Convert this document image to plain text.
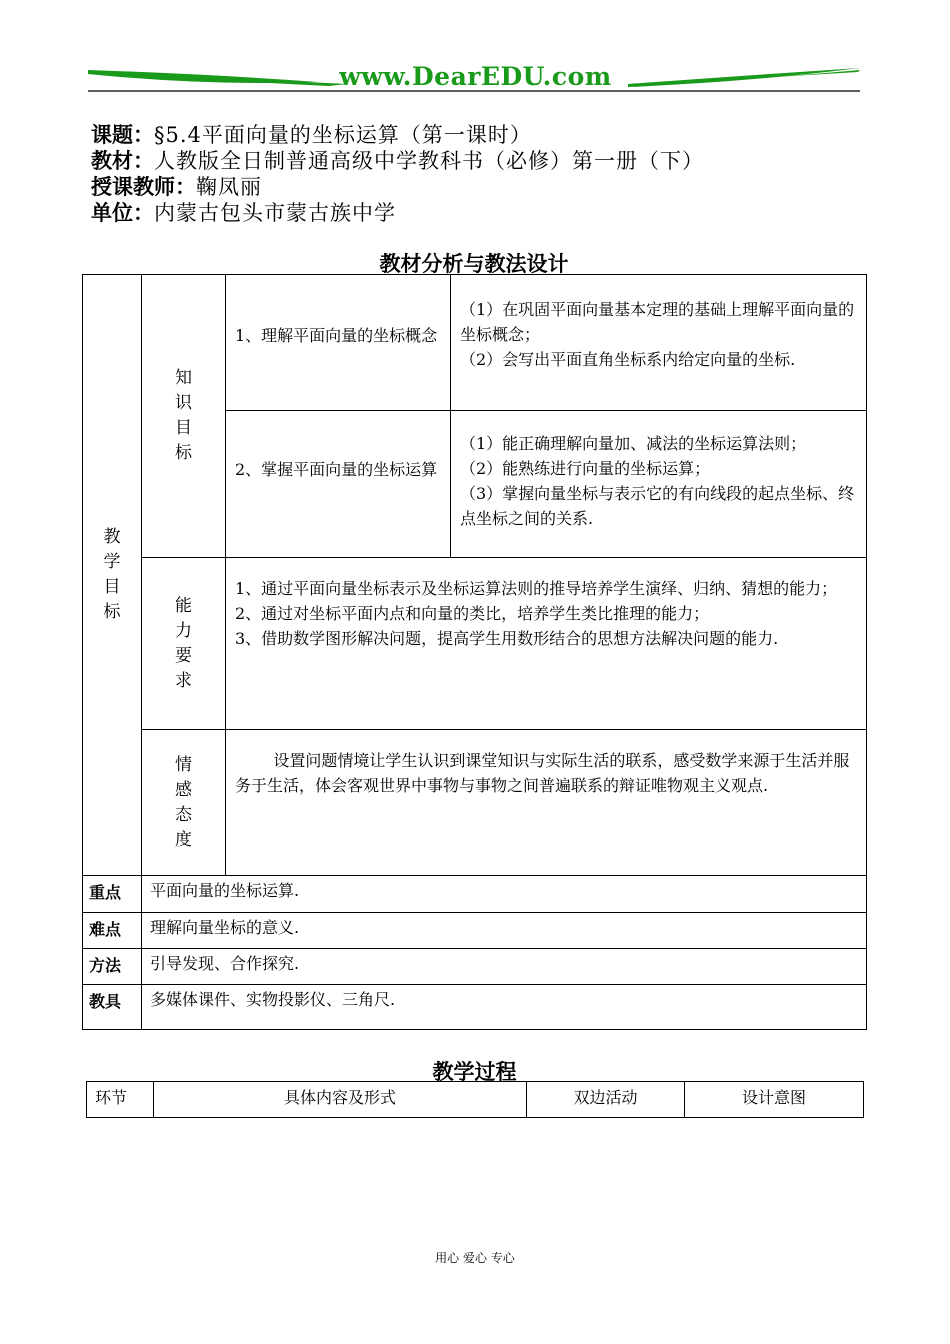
www.DearEDU.com
课题：§5.4平面向量的坐标运算（第一课时）
教材：人教版全日制普通高级中学教科书（必修）第一册（下）
授课教师：鞠凤丽
单位：内蒙古包头市蒙古族中学
教材分析与教法设计
教学目标	知识目标	1、理解平面向量的坐标概念	（1）在巩固平面向量基本定理的基础上理解平面向量的坐标概念；
（2）会写出平面直角坐标系内给定向量的坐标.

		2、掌握平面向量的坐标运算	（1）能正确理解向量加、减法的坐标运算法则；
（2）能熟练进行向量的坐标运算；
（3）掌握向量坐标与表示它的有向线段的起点坐标、终点坐标之间的关系.

	能力要求	1、通过平面向量坐标表示及坐标运算法则的推导培养学生演绎、归纳、猜想的能力；
2、通过对坐标平面内点和向量的类比，培养学生类比推理的能力；
3、借助数学图形解决问题，提高学生用数形结合的思想方法解决问题的能力.	

	情感态度	设置问题情境让学生认识到课堂知识与实际生活的联系，感受数学来源于生活并服务于生活，体会客观世界中事物与事物之间普遍联系的辩证唯物观主义观点.	
重点	平面向量的坐标运算.		
难点	理解向量坐标的意义.		
方法	引导发现、合作探究.		
教具	多媒体课件、实物投影仪、三角尺.		
教学过程
环节	具体内容及形式	双边活动	设计意图
用心 爱心 专心
